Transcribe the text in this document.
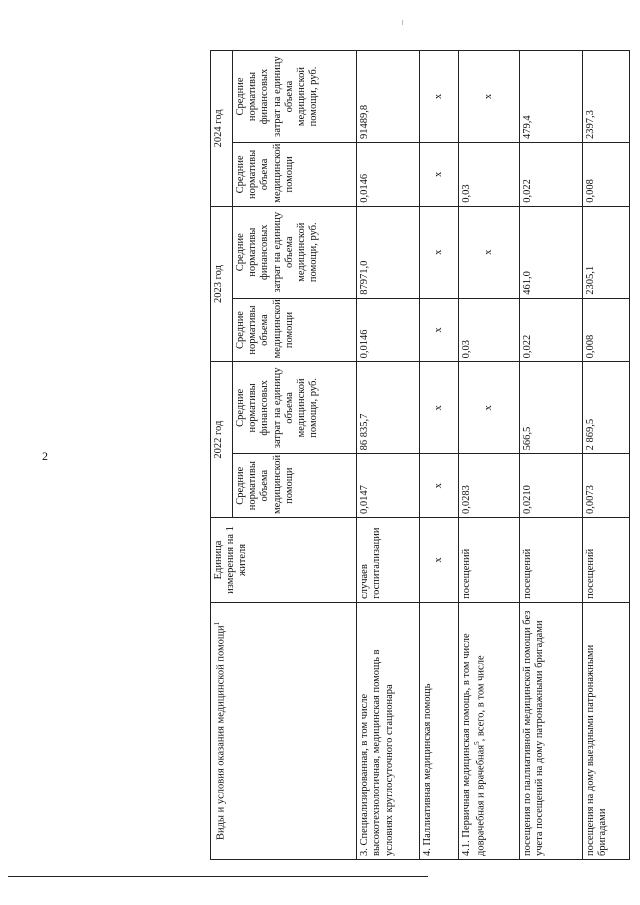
2
Виды и условия оказания медицинской помощи$^1$	Единица измерения на 1 жителя	2022 год		2023 год		2024 год	
		Средние нормативы объема медицинской помощи	Средние нормативы финансовых затрат на единицу объема медицинской помощи, руб.	Средние нормативы объема медицинской помощи	Средние нормативы финансовых затрат на единицу объема медицинской помощи, руб.	Средние нормативы объема медицинской помощи	Средние нормативы финансовых затрат на единицу объема медицинской помощи, руб.
3. Специализированная, в том числе высокотехнологичная, медицинская помощь в условиях круглосуточного стационара	случаев госпитализации	0,0147	86 835,7	0,0146	87971,0	0,0146	91489,8
4. Паллиативная медицинская помощь	х	х	х	х	х	х	х
4.1. Первичная медицинская помощь, в том числе доврачебная и врачебная$^5$, всего, в том числе	посещений	0,0283	х	0,03	х	0,03	х
посещения по паллиативной медицинской помощи без учета посещений на дому патронажными бригадами	посещений	0,0210	566,5	0,022	461,0	0,022	479,4
посещения на дому выездными патронажными бригадами	посещений	0,0073	2 869,5	0,008	2305,1	0,008	2397,3
